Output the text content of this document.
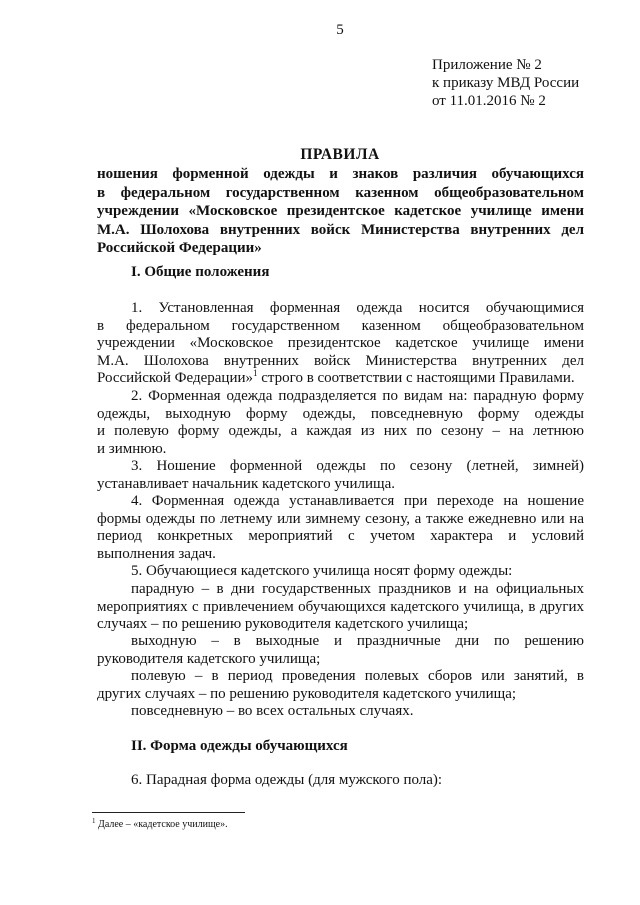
5
Приложение № 2
к приказу МВД России
от 11.01.2016 № 2
ПРАВИЛА
ношения форменной одежды и знаков различия обучающихся
в федеральном государственном казенном общеобразовательном
учреждении «Московское президентское кадетское училище имени
М.А. Шолохова внутренних войск Министерства внутренних дел
Российской Федерации»
I. Общие положения
1. Установленная форменная одежда носится обучающимися
в федеральном государственном казенном общеобразовательном
учреждении «Московское президентское кадетское училище имени
М.А. Шолохова внутренних войск Министерства внутренних дел
Российской Федерации»$^1$ строго в соответствии с настоящими Правилами.
2. Форменная одежда подразделяется по видам на: парадную форму
одежды, выходную форму одежды, повседневную форму одежды
и полевую форму одежды, а каждая из них по сезону – на летнюю
и зимнюю.
3. Ношение форменной одежды по сезону (летней, зимней)
устанавливает начальник кадетского училища.
4. Форменная одежда устанавливается при переходе на ношение
формы одежды по летнему или зимнему сезону, а также ежедневно или на
период конкретных мероприятий с учетом характера и условий
выполнения задач.
5. Обучающиеся кадетского училища носят форму одежды:
парадную – в дни государственных праздников и на официальных
мероприятиях с привлечением обучающихся кадетского училища, в других
случаях – по решению руководителя кадетского училища;
выходную – в выходные и праздничные дни по решению
руководителя кадетского училища;
полевую – в период проведения полевых сборов или занятий, в
других случаях – по решению руководителя кадетского училища;
повседневную – во всех остальных случаях.
II. Форма одежды обучающихся
6. Парадная форма одежды (для мужского пола):
$^1$ Далее – «кадетское училище».
